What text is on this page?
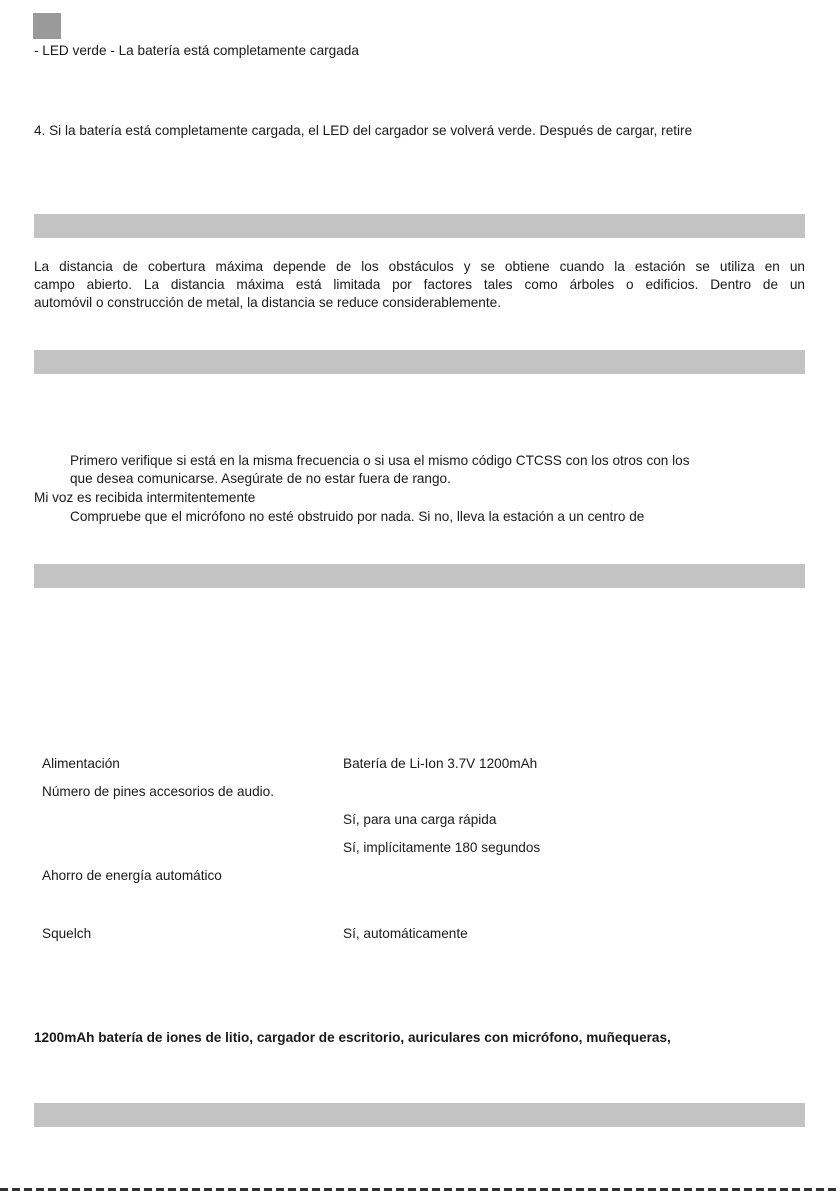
- LED verde - La batería está completamente cargada
4. Si la batería está completamente cargada, el LED del cargador se volverá verde. Después de cargar, retire
La distancia de cobertura máxima depende de los obstáculos y se obtiene cuando la estación se utiliza en un
campo abierto. La distancia máxima está limitada por factores tales como árboles o edificios. Dentro de un
automóvil o construcción de metal, la distancia se reduce considerablemente.
Primero verifique si está en la misma frecuencia o si usa el mismo código CTCSS con los otros con los
que desea comunicarse. Asegúrate de no estar fuera de rango.
Mi voz es recibida intermitentemente
Compruebe que el micrófono no esté obstruido por nada. Si no, lleva la estación a un centro de
Alimentación	Batería de Li-Ion 3.7V 1200mAh
Número de pines accesorios de audio.
Sí, para una carga rápida
Sí, implícitamente 180 segundos
Ahorro de energía automático
Squelch	Sí, automáticamente
1200mAh batería de iones de litio, cargador de escritorio, auriculares con micrófono, muñequeras,
